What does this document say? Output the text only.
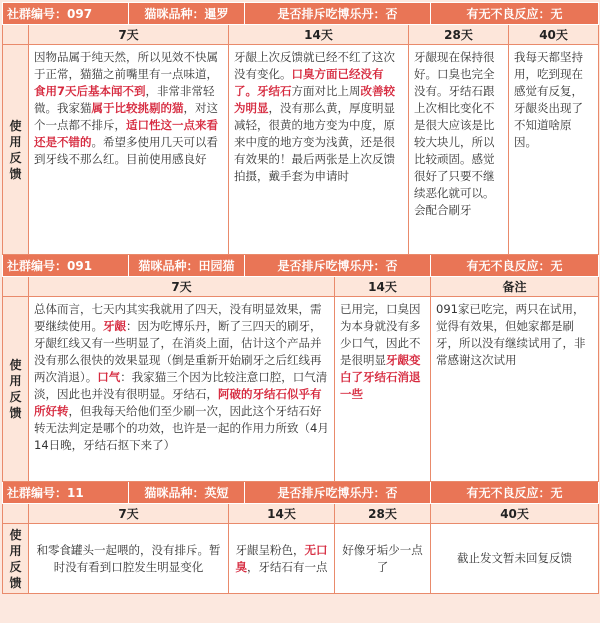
社群编号：097		猫咪品种：暹罗		是否排斥吃博乐丹：否			有无不良反应：无	
	7天		14天			28天		40天
使用反馈	因物品属于纯天然，所以见效不快属于正常，猫猫之前嘴里有一点味道，食用7天后基本闻不到，非常非常轻微。我家猫属于比较挑剔的猫，对这个一点都不排斥，适口性这一点来看还是不错的。希望多使用几天可以看到牙线不那么红。目前使用感良好		牙龈上次反馈就已经不红了这次没有变化。口臭方面已经没有了。牙结石方面对比上周改善较为明显，没有那么黄，厚度明显减轻，很黄的地方变为中度，原来中度的地方变为浅黄，还是很有效果的！最后两张是上次反馈拍摄，戴手套为申请时			牙龈现在保持很好。口臭也完全没有。牙结石跟上次相比变化不是很大应该是比较大块儿，所以比较顽固。感觉很好了只要不继续恶化就可以。会配合刷牙		我每天都坚持用，吃到现在感觉有反复，牙龈炎出现了不知道啥原因。
社群编号：091		猫咪品种：田园猫		是否排斥吃博乐丹：否			有无不良反应：无	
	7天				14天		备注	
使用反馈	总体而言，七天内其实我就用了四天，没有明显效果，需要继续使用。牙龈：因为吃博乐丹，断了三四天的刷牙，牙龈红线又有一些明显了，在消炎上面，估计这个产品并没有那么很快的效果显现（倒是重新开始刷牙之后红线再两次消退）。口气：我家猫三个因为比较注意口腔，口气清淡，因此也并没有很明显。牙结石，阿破的牙结石似乎有所好转，但我每天给他们至少刷一次，因此这个牙结石好转无法判定是哪个的功效，也许是一起的作用力所致（4月14日晚，牙结石抠下来了）				已用完，口臭因为本身就没有多少口气，因此不是很明显牙龈变白了牙结石消退一些		091家已吃完，两只在试用，觉得有效果，但她家都是刷牙，所以没有继续试用了，非常感谢这次试用	
社群编号：11		猫咪品种：英短		是否排斥吃博乐丹：否			有无不良反应：无	
	7天		14天		28天		40天	
使用反馈	和零食罐头一起喂的，没有排斥。暂时没有看到口腔发生明显变化		牙龈呈粉色，无口臭，牙结石有一点		好像牙垢少一点了		截止发文暂未回复反馈	
